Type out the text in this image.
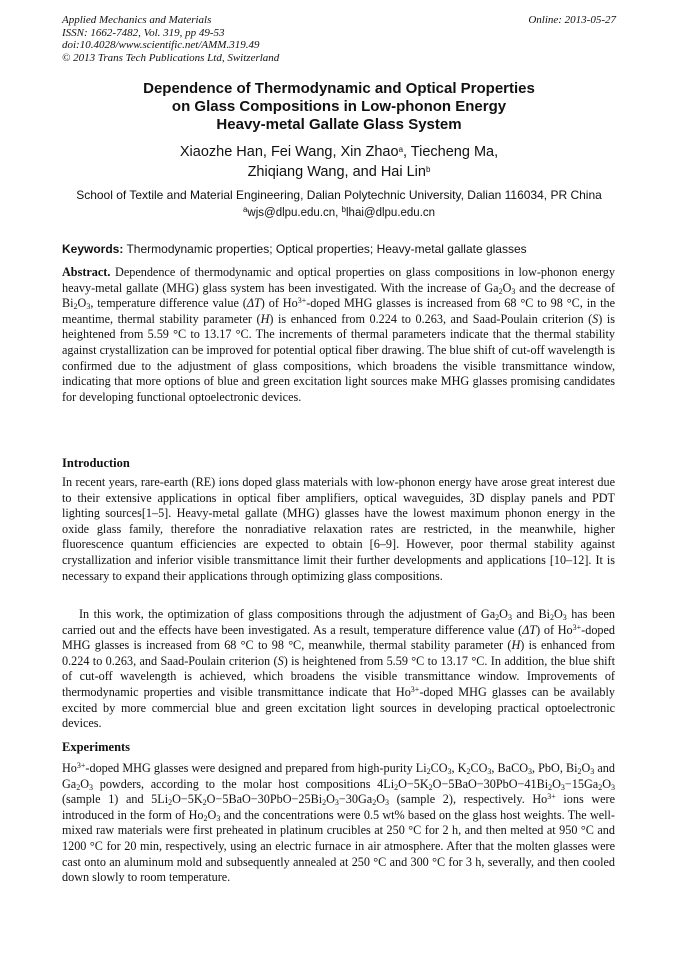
Applied Mechanics and Materials
ISSN: 1662-7482, Vol. 319, pp 49-53
doi:10.4028/www.scientific.net/AMM.319.49
© 2013 Trans Tech Publications Ltd, Switzerland
Online: 2013-05-27
Dependence of Thermodynamic and Optical Properties
on Glass Compositions in Low-phonon Energy
Heavy-metal Gallate Glass System
Xiaozhe Han, Fei Wang, Xin Zhao$^a$, Tiecheng Ma,
Zhiqiang Wang, and Hai Lin$^b$
School of Textile and Material Engineering, Dalian Polytechnic University, Dalian 116034, PR China
$^a$wjs@dlpu.edu.cn, $^b$lhai@dlpu.edu.cn
Keywords: Thermodynamic properties; Optical properties; Heavy-metal gallate glasses
Abstract. Dependence of thermodynamic and optical properties on glass compositions in low-phonon energy heavy-metal gallate (MHG) glass system has been investigated. With the increase of $Ga_2O_3$ and the decrease of $Bi_2O_3$, temperature difference value (ΔT) of $Ho^{3+}$-doped MHG glasses is increased from 68 °C to 98 °C, in the meantime, thermal stability parameter (H) is enhanced from 0.224 to 0.263, and Saad-Poulain criterion (S) is heightened from 5.59 °C to 13.17 °C. The increments of thermal parameters indicate that the thermal stability against crystallization can be improved for potential optical fiber drawing. The blue shift of cut-off wavelength is confirmed due to the adjustment of glass compositions, which broadens the visible transmittance window, indicating that more options of blue and green excitation light sources make MHG glasses promising candidates for developing functional optoelectronic devices.
Introduction
In recent years, rare-earth (RE) ions doped glass materials with low-phonon energy have arose great interest due to their extensive applications in optical fiber amplifiers, optical waveguides, 3D display panels and PDT lighting sources[1–5]. Heavy-metal gallate (MHG) glasses have the lowest maximum phonon energy in the oxide glass family, therefore the nonradiative relaxation rates are restricted, in the meanwhile, higher fluorescence quantum efficiencies are expected to obtain [6–9]. However, poor thermal stability against crystallization and inferior visible transmittance limit their further developments and applications [10–12]. It is necessary to expand their applications through optimizing glass compositions.
In this work, the optimization of glass compositions through the adjustment of $Ga_2O_3$ and $Bi_2O_3$ has been carried out and the effects have been investigated. As a result, temperature difference value (ΔT) of $Ho^{3+}$-doped MHG glasses is increased from 68 °C to 98 °C, meanwhile, thermal stability parameter (H) is enhanced from 0.224 to 0.263, and Saad-Poulain criterion (S) is heightened from 5.59 °C to 13.17 °C. In addition, the blue shift of cut-off wavelength is achieved, which broadens the visible transmittance window. Improvements of thermodynamic properties and visible transmittance indicate that $Ho^{3+}$-doped MHG glasses can be availably excited by more commercial blue and green excitation light sources in developing practical optoelectronic devices.
Experiments
$Ho^{3+}$-doped MHG glasses were designed and prepared from high-purity $Li_2CO_3$, $K_2CO_3$, BaCO$_3$, PbO, $Bi_2O_3$ and $Ga_2O_3$ powders, according to the molar host compositions $4Li_2O-5K_2O-5BaO-30PbO-41Bi_2O_3-15Ga_2O_3$ (sample 1) and $5Li_2O-5K_2O-5BaO-30PbO-25Bi_2O_3-30Ga_2O_3$ (sample 2), respectively. $Ho^{3+}$ ions were introduced in the form of $Ho_2O_3$ and the concentrations were 0.5 wt% based on the glass host weights. The well-mixed raw materials were first preheated in platinum crucibles at 250 °C for 2 h, and then melted at 950 °C and 1200 °C for 20 min, respectively, using an electric furnace in air atmosphere. After that the molten glasses were cast onto an aluminum mold and subsequently annealed at 250 °C and 300 °C for 3 h, severally, and then cooled down slowly to room temperature.
